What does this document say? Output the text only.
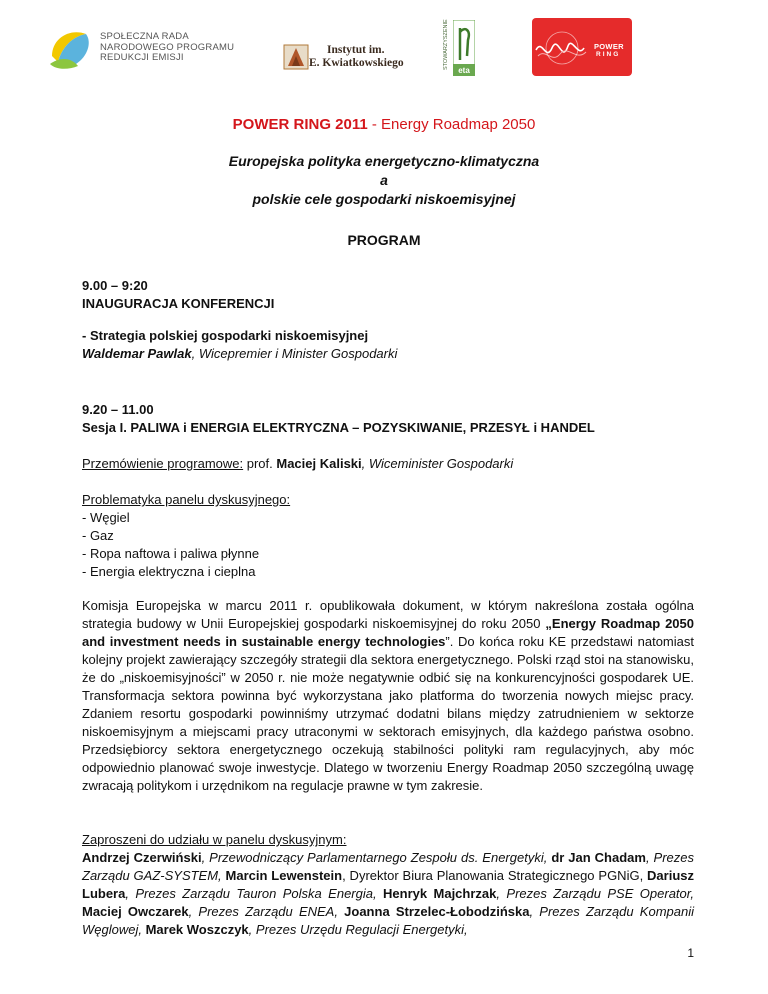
SPOŁECZNA RADA
NARODOWEGO PROGRAMU
REDUKCJI EMISJI
Instytut im.
E. Kwiatkowskiego	STOWARZYSZENIE
eta
POWER
RING
POWER RING 2011 - Energy Roadmap 2050
Europejska polityka energetyczno-klimatyczna
a
polskie cele gospodarki niskoemisyjnej
PROGRAM
9.00 – 9:20
INAUGURACJA KONFERENCJI
- Strategia polskiej gospodarki niskoemisyjnej
Waldemar Pawlak, Wicepremier i Minister Gospodarki
9.20 – 11.00
Sesja I. PALIWA i ENERGIA ELEKTRYCZNA – POZYSKIWANIE, PRZESYŁ i HANDEL
Przemówienie programowe: prof. Maciej Kaliski, Wiceminister Gospodarki
Problematyka panelu dyskusyjnego:
- Węgiel
- Gaz
- Ropa naftowa i paliwa płynne
- Energia elektryczna i cieplna
Komisja Europejska w marcu 2011 r. opublikowała dokument, w którym nakreślona została ogólna strategia budowy w Unii Europejskiej gospodarki niskoemisyjnej do roku 2050 „Energy Roadmap 2050 and investment needs in sustainable energy technologies”. Do końca roku KE przedstawi natomiast kolejny projekt zawierający szczegóły strategii dla sektora energetycznego. Polski rząd stoi na stanowisku, że do „niskoemisyjności” w 2050 r. nie może negatywnie odbić się na konkurencyjności gospodarek UE. Transformacja sektora powinna być wykorzystana jako platforma do tworzenia nowych miejsc pracy. Zdaniem resortu gospodarki powinniśmy utrzymać dodatni bilans między zatrudnieniem w sektorze niskoemisyjnym a miejscami pracy utraconymi w sektorach emisyjnych, dla każdego państwa osobno. Przedsiębiorcy sektora energetycznego oczekują stabilności polityki ram regulacyjnych, aby móc odpowiednio planować swoje inwestycje. Dlatego w tworzeniu Energy Roadmap 2050 szczególną uwagę zwracają politykom i urzędnikom na regulacje prawne w tym zakresie.
Zaproszeni do udziału w panelu dyskusyjnym:
Andrzej Czerwiński, Przewodniczący Parlamentarnego Zespołu ds. Energetyki, dr Jan Chadam, Prezes Zarządu GAZ-SYSTEM, Marcin Lewenstein, Dyrektor Biura Planowania Strategicznego PGNiG, Dariusz Lubera, Prezes Zarządu Tauron Polska Energia, Henryk Majchrzak, Prezes Zarządu PSE Operator, Maciej Owczarek, Prezes Zarządu ENEA, Joanna Strzelec-Łobodzińska, Prezes Zarządu Kompanii Węglowej, Marek Woszczyk, Prezes Urzędu Regulacji Energetyki,
1
